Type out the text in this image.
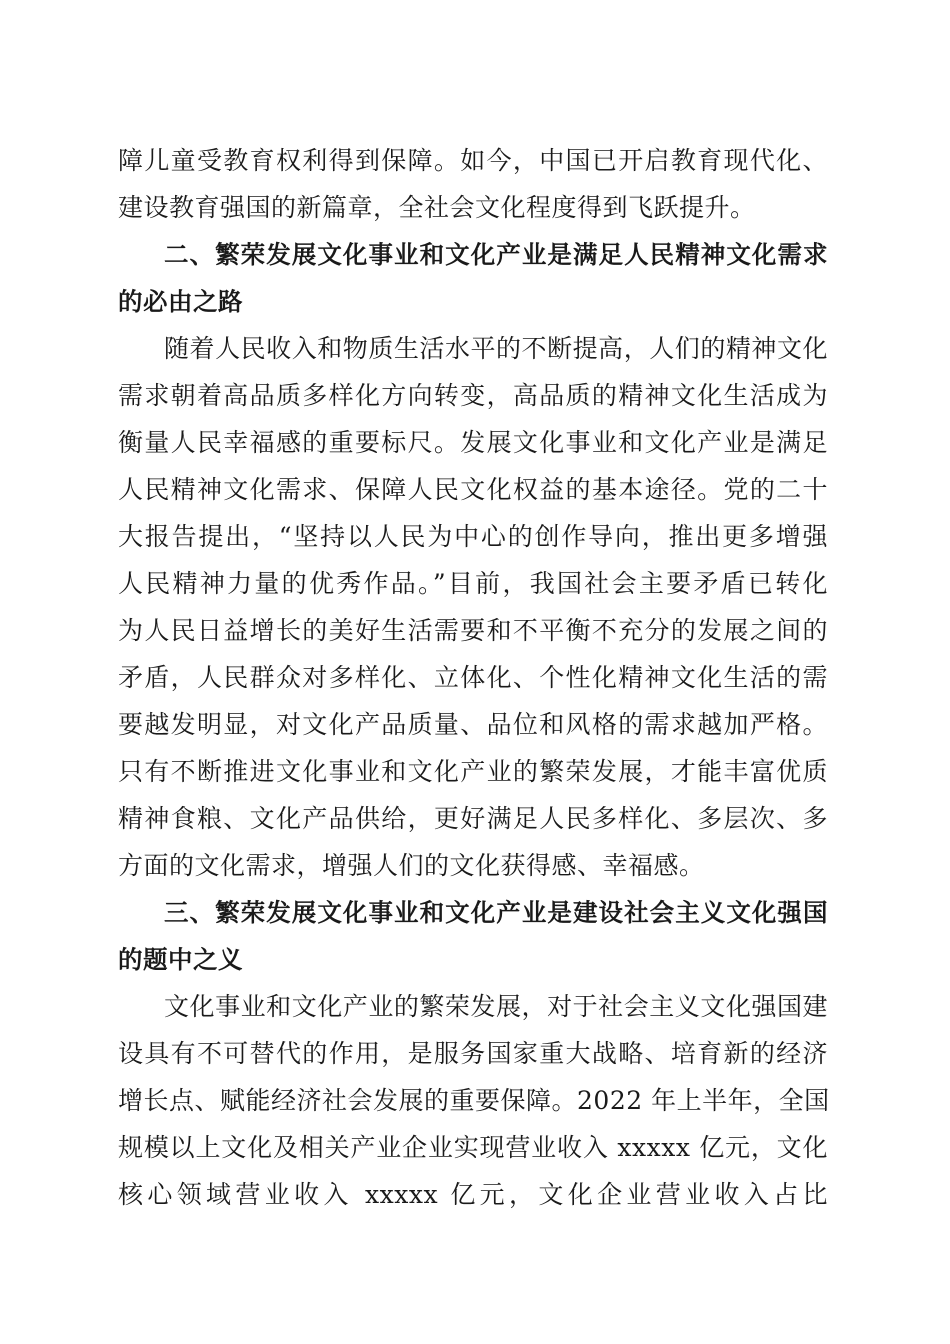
障儿童受教育权利得到保障。如今，中国已开启教育现代化、
建设教育强国的新篇章，全社会文化程度得到飞跃提升。
二、繁荣发展文化事业和文化产业是满足人民精神文化需求
的必由之路
随着人民收入和物质生活水平的不断提高，人们的精神文化
需求朝着高品质多样化方向转变，高品质的精神文化生活成为
衡量人民幸福感的重要标尺。发展文化事业和文化产业是满足
人民精神文化需求、保障人民文化权益的基本途径。党的二十
大报告提出，“坚持以人民为中心的创作导向，推出更多增强
人民精神力量的优秀作品。”目前，我国社会主要矛盾已转化
为人民日益增长的美好生活需要和不平衡不充分的发展之间的
矛盾，人民群众对多样化、立体化、个性化精神文化生活的需
要越发明显，对文化产品质量、品位和风格的需求越加严格。
只有不断推进文化事业和文化产业的繁荣发展，才能丰富优质
精神食粮、文化产品供给，更好满足人民多样化、多层次、多
方面的文化需求，增强人们的文化获得感、幸福感。
三、繁荣发展文化事业和文化产业是建设社会主义文化强国
的题中之义
文化事业和文化产业的繁荣发展，对于社会主义文化强国建
设具有不可替代的作用，是服务国家重大战略、培育新的经济
增长点、赋能经济社会发展的重要保障。2022 年上半年，全国
规模以上文化及相关产业企业实现营业收入 xxxxx 亿元，文化
核心领域营业收入 xxxxx 亿元，文化企业营业收入占比
